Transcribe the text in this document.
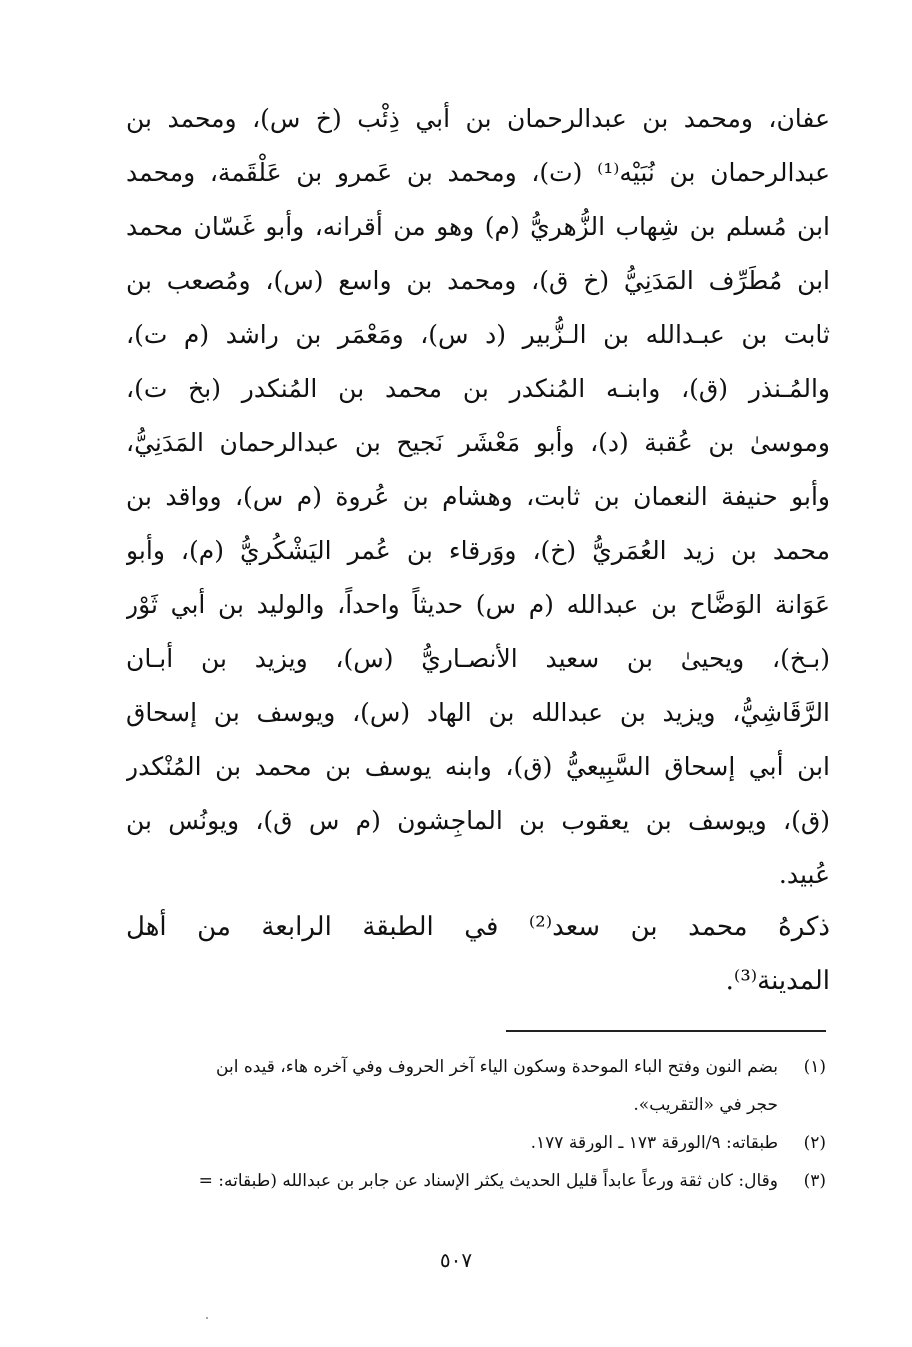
عفان، ومحمد بن عبدالرحمان بن أبي ذِئْب (خ س)، ومحمد بن
عبدالرحمان بن نُبَيْه⁽¹⁾ (ت)، ومحمد بن عَمرو بن عَلْقَمة، ومحمد
ابن مُسلم بن شِهاب الزُّهريُّ (م) وهو من أقرانه، وأبو غَسّان محمد
ابن مُطَرِّف المَدَنِيُّ (خ ق)، ومحمد بن واسع (س)، ومُصعب بن
ثابت بن عبـدالله بن الـزُّبير (د س)، ومَعْمَر بن راشد (م ت)،
والمُـنذر (ق)، وابنـه المُنكدر بن محمد بن المُنكدر (بخ ت)،
وموسىٰ بن عُقبة (د)، وأبو مَعْشَر نَجيح بن عبدالرحمان المَدَنِيُّ،
وأبو حنيفة النعمان بن ثابت، وهشام بن عُروة (م س)، وواقد بن
محمد بن زيد العُمَريُّ (خ)، ووَرقاء بن عُمر اليَشْكُريُّ (م)، وأبو
عَوَانة الوَضَّاح بن عبدالله (م س) حديثاً واحداً، والوليد بن أبي ثَوْر
(بـخ)، ويحيىٰ بن سعيد الأنصـاريُّ (س)، ويزيد بن أبـان
الرَّقَاشِيُّ، ويزيد بن عبدالله بن الهاد (س)، ويوسف بن إسحاق
ابن أبي إسحاق السَّبِيعيُّ (ق)، وابنه يوسف بن محمد بن المُنْكدر
(ق)، ويوسف بن يعقوب بن الماجِشون (م س ق)، ويونُس بن
عُبيد.
ذكرهُ محمد بن سعد⁽²⁾ في الطبقة الرابعة من أهل
المدينة⁽³⁾.
(١)
بضم النون وفتح الباء الموحدة وسكون الياء آخر الحروف وفي آخره هاء، قيده ابن
حجر في «التقريب».
(٢)
طبقاته: ٩/الورقة ١٧٣ ـ الورقة ١٧٧.
(٣)
وقال: كان ثقة ورعاً عابداً قليل الحديث يكثر الإسناد عن جابر بن عبدالله (طبقاته: =
٥٠٧
